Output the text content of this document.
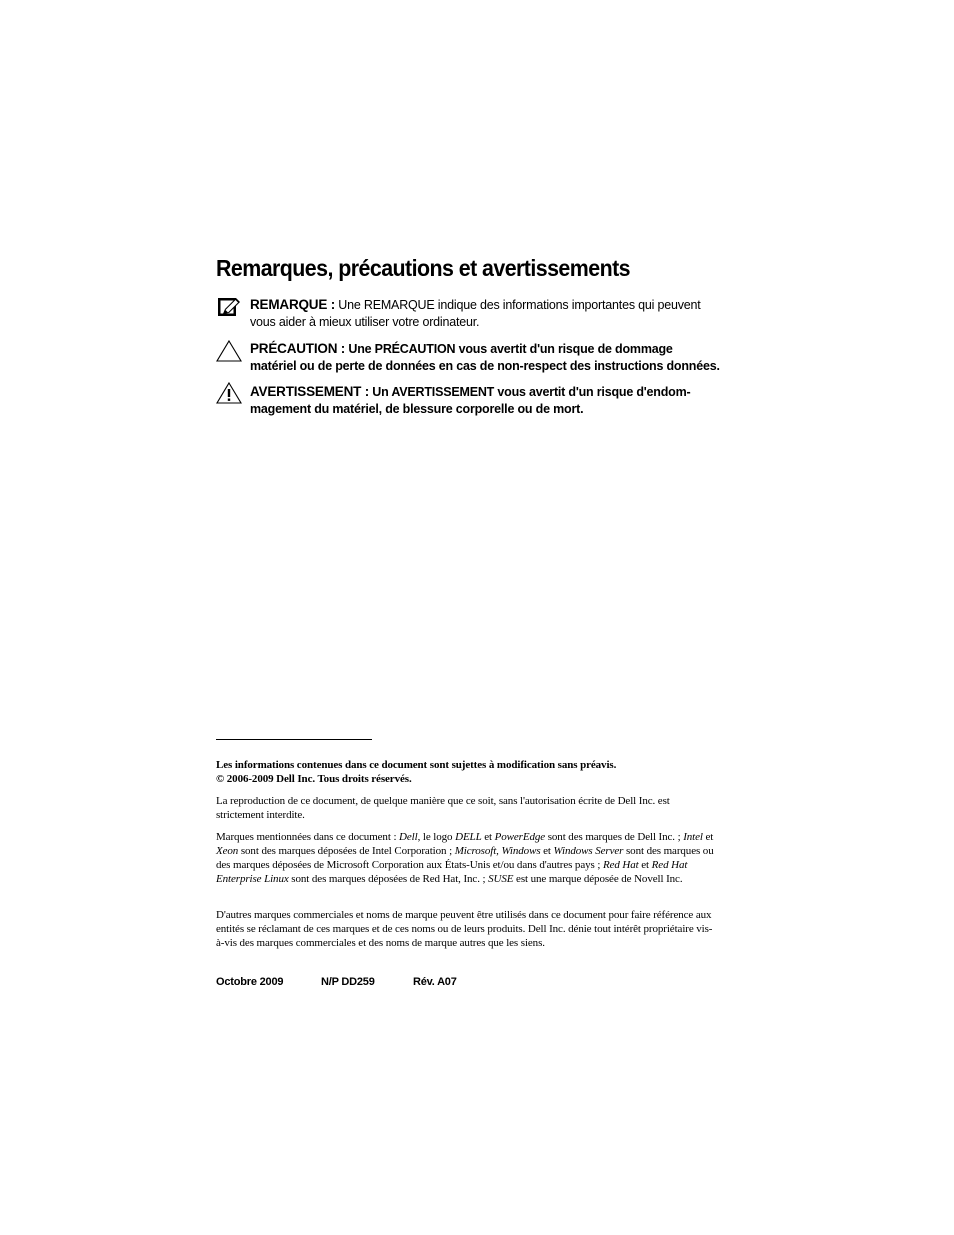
Remarques, précautions et avertissements
REMARQUE : Une REMARQUE indique des informations importantes qui peuvent vous aider à mieux utiliser votre ordinateur.
PRÉCAUTION : Une PRÉCAUTION vous avertit d'un risque de dommage matériel ou de perte de données en cas de non-respect des instructions données.
AVERTISSEMENT : Un AVERTISSEMENT vous avertit d'un risque d'endom-magement du matériel, de blessure corporelle ou de mort.

Les informations contenues dans ce document sont sujettes à modification sans préavis.

© 2006-2009 Dell Inc. Tous droits réservés.

La reproduction de ce document, de quelque manière que ce soit, sans l'autorisation écrite de Dell Inc. est strictement interdite.

Marques mentionnées dans ce document : Dell, le logo DELL et PowerEdge sont des marques de Dell Inc. ; Intel et Xeon sont des marques déposées de Intel Corporation ; Microsoft, Windows et Windows Server sont des marques ou des marques déposées de Microsoft Corporation aux États-Unis et/ou dans d'autres pays ; Red Hat et Red Hat Enterprise Linux sont des marques déposées de Red Hat, Inc. ; SUSE est une marque déposée de Novell Inc.

D'autres marques commerciales et noms de marque peuvent être utilisés dans ce document pour faire référence aux entités se réclamant de ces marques et de ces noms ou de leurs produits. Dell Inc. dénie tout intérêt propriétaire vis-à-vis des marques commerciales et des noms de marque autres que les siens.

Octobre 2009	N/P DD259	Rév. A07
